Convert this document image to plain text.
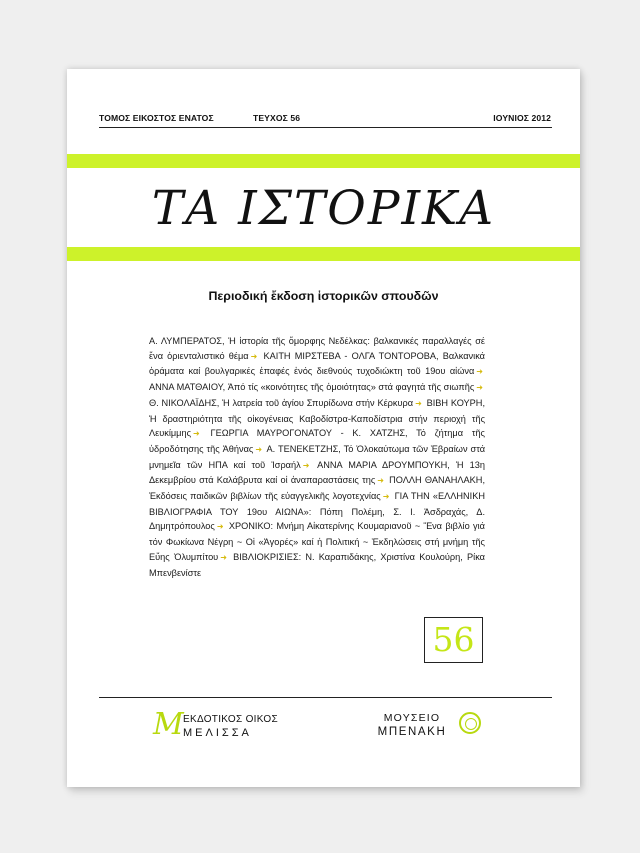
ΤΟΜΟΣ ΕΙΚΟΣΤΟΣ ΕΝΑΤΟΣ	ΤΕΥΧΟΣ 56	ΙΟΥΝΙΟΣ 2012
ΤΑ ΙΣΤΟΡΙΚΑ
Περιοδική ἔκδοση ἱστορικῶν σπουδῶν
Α. ΛΥΜΠΕΡΑΤΟΣ, Ἡ ἱστορία τῆς ὄμορφης Νεδέλκας: βαλκανικές παραλλαγές σέ ἕνα ὀριενταλιστικό θέμα ➜ ΚΑΙΤΗ ΜΙΡΣΤΕΒΑ - ΟΛΓΑ ΤΟΝΤΟΡΟΒΑ, Βαλκανικά ὁράματα καί βουλγαρικές ἐπαφές ἑνός διεθνούς τυχοδιώκτη τοῦ 19ου αἰώνα ➜ ΑΝΝΑ ΜΑΤΘΑΙΟΥ, Ἀπό τίς «κοινότητες τῆς ὁμοιότητας» στά φαγητά τῆς σιωπῆς ➜ Θ. ΝΙΚΟΛΑΪΔΗΣ, Ἡ λατρεία τοῦ ἁγίου Σπυρίδωνα στήν Κέρκυρα ➜ ΒΙΒΗ ΚΟΥΡΗ, Ἡ δραστηριότητα τῆς οἰκογένειας Καβοδίστρα-Καποδίστρια στήν περιοχή τῆς Λευκίμμης ➜ ΓΕΩΡΓΙΑ ΜΑΥΡΟΓΟΝΑΤΟΥ - Κ. ΧΑΤΖΗΣ, Τό ζήτημα τῆς ὑδροδότησης τῆς Ἀθήνας ➜ Α. ΤΕΝΕΚΕΤΖΗΣ, Τό Ὁλοκαύτωμα τῶν Ἑβραίων στά μνημεῖα τῶν ΗΠΑ καί τοῦ Ἰσραήλ ➜ ΑΝΝΑ ΜΑΡΙΑ ΔΡΟΥΜΠΟΥΚΗ, Ἡ 13η Δεκεμβρίου στά Καλάβρυτα καί οἱ ἀναπαραστάσεις της ➜ ΠΟΛΛΗ ΘΑΝΑΗΛΑΚΗ, Ἐκδόσεις παιδικῶν βιβλίων τῆς εὐαγγελικῆς λογοτεχνίας ➜ ΓΙΑ ΤΗΝ «ΕΛΛΗΝΙΚΗ ΒΙΒΛΙΟΓΡΑΦΙΑ ΤΟΥ 19ου ΑΙΩΝΑ»: Πόπη Πολέμη, Σ. Ι. Ἀσδραχάς, Δ. Δημητρόπουλος ➜ ΧΡΟΝΙΚΟ: Μνήμη Αἰκατερίνης Κουμαριανοῦ ~ Ἕνα βιβλίο γιά τόν Φωκίωνα Νέγρη ~ Οἱ «Ἀγορές» καί ἡ Πολιτική ~ Ἐκδηλώσεις στή μνήμη τῆς Εὔης Ὀλυμπίτου ➜ ΒΙΒΛΙΟΚΡΙΣΙΕΣ: Ν. Καραπιδάκης, Χριστίνα Κουλούρη, Ρίκα Μπενβενίστε
56
M ΕΚΔΟΤΙΚΟΣ ΟΙΚΟΣ
ΜΕΛΙΣΣΑ
ΜΟΥΣΕΙΟ
ΜΠΕΝΑΚΗ
